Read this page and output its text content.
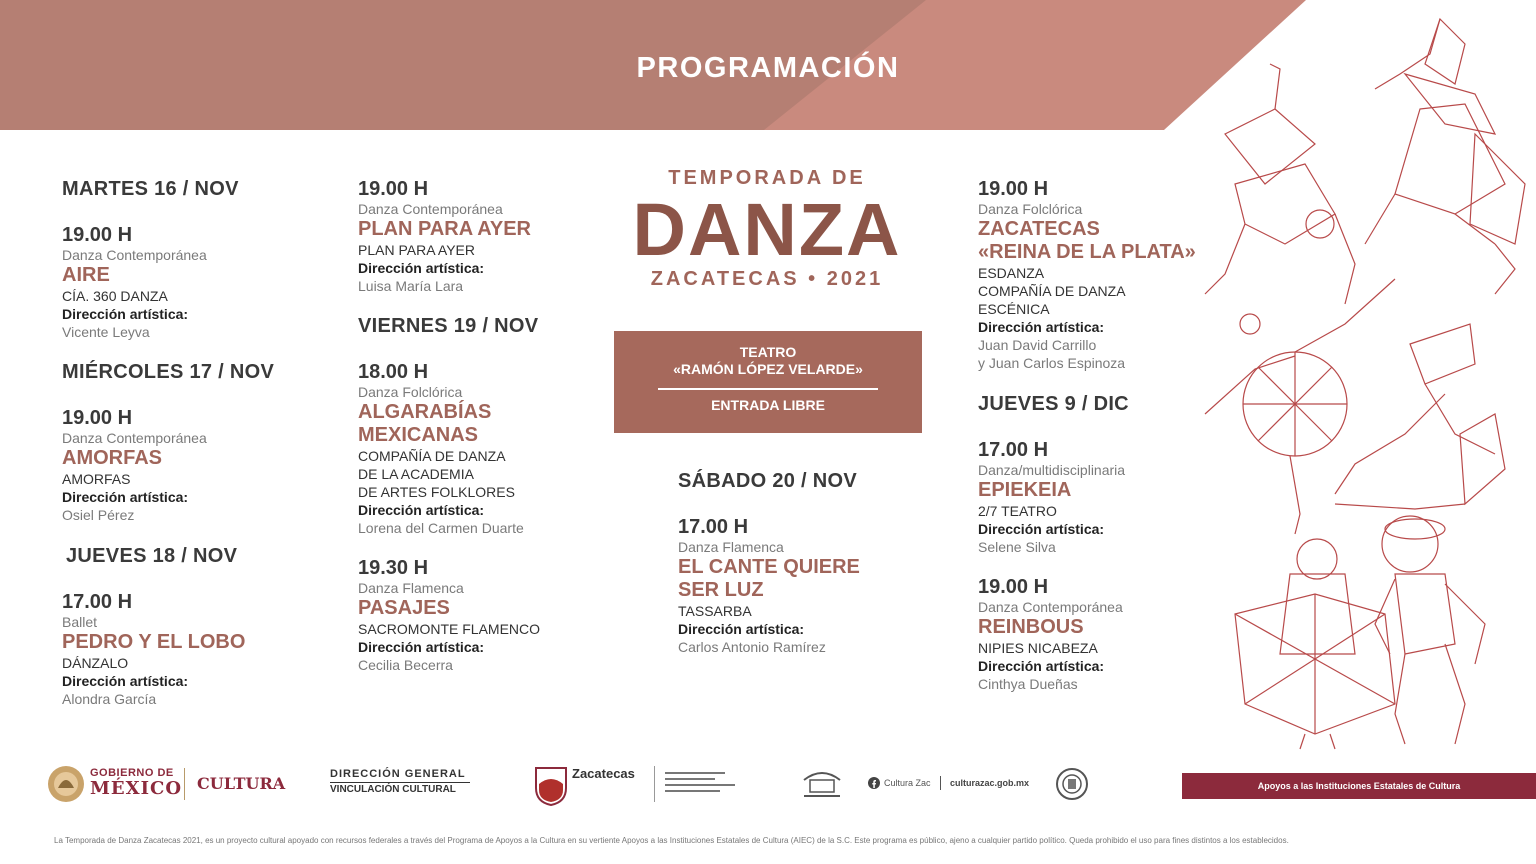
PROGRAMACIÓN
MARTES 16 / NOV
19.00 H
Danza Contemporánea
AIRE
CÍA. 360 DANZA
Dirección artística:
Vicente Leyva
MIÉRCOLES 17 / NOV
19.00 H
Danza Contemporánea
AMORFAS
AMORFAS
Dirección artística:
Osiel Pérez
JUEVES 18 / NOV
17.00 H
Ballet
PEDRO Y EL LOBO
DÁNZALO
Dirección artística:
Alondra García
19.00 H
Danza Contemporánea
PLAN PARA AYER
PLAN PARA AYER
Dirección artística:
Luisa María Lara
VIERNES 19 / NOV
18.00 H
Danza Folclórica
ALGARABÍAS
MEXICANAS
COMPAÑÍA DE DANZA
DE LA ACADEMIA
DE ARTES FOLKLORES
Dirección artística:
Lorena del Carmen Duarte
19.30 H
Danza Flamenca
PASAJES
SACROMONTE FLAMENCO
Dirección artística:
Cecilia Becerra
TEMPORADA DE
DANZA
ZACATECAS • 2021
TEATRO
«RAMÓN LÓPEZ VELARDE»
ENTRADA LIBRE
SÁBADO 20 / NOV
17.00 H
Danza Flamenca
EL CANTE QUIERE
SER LUZ
TASSARBA
Dirección artística:
Carlos Antonio Ramírez
19.00 H
Danza Folclórica
ZACATECAS
«REINA DE LA PLATA»
ESDANZA
COMPAÑÍA DE DANZA
ESCÉNICA
Dirección artística:
Juan David Carrillo
y Juan Carlos Espinoza
JUEVES 9 / DIC
17.00 H
Danza/multidisciplinaria
EPIEKEIA
2/7 TEATRO
Dirección artística:
Selene Silva
19.00 H
Danza Contemporánea
REINBOUS
NIPIES NICABEZA
Dirección artística:
Cinthya Dueñas
GOBIERNO DE
MÉXICO CULTURA	DIRECCIÓN GENERAL
VINCULACIÓN CULTURAL
Zacatecas
Cultura Zac culturazac.gob.mx	Apoyos a las Instituciones Estatales de Cultura
La Temporada de Danza Zacatecas 2021, es un proyecto cultural apoyado con recursos federales a través del Programa de Apoyos a la Cultura en su vertiente Apoyos a las Instituciones Estatales de Cultura (AIEC) de la S.C. Este programa es público, ajeno a cualquier partido político. Queda prohibido el uso para fines distintos a los establecidos.
